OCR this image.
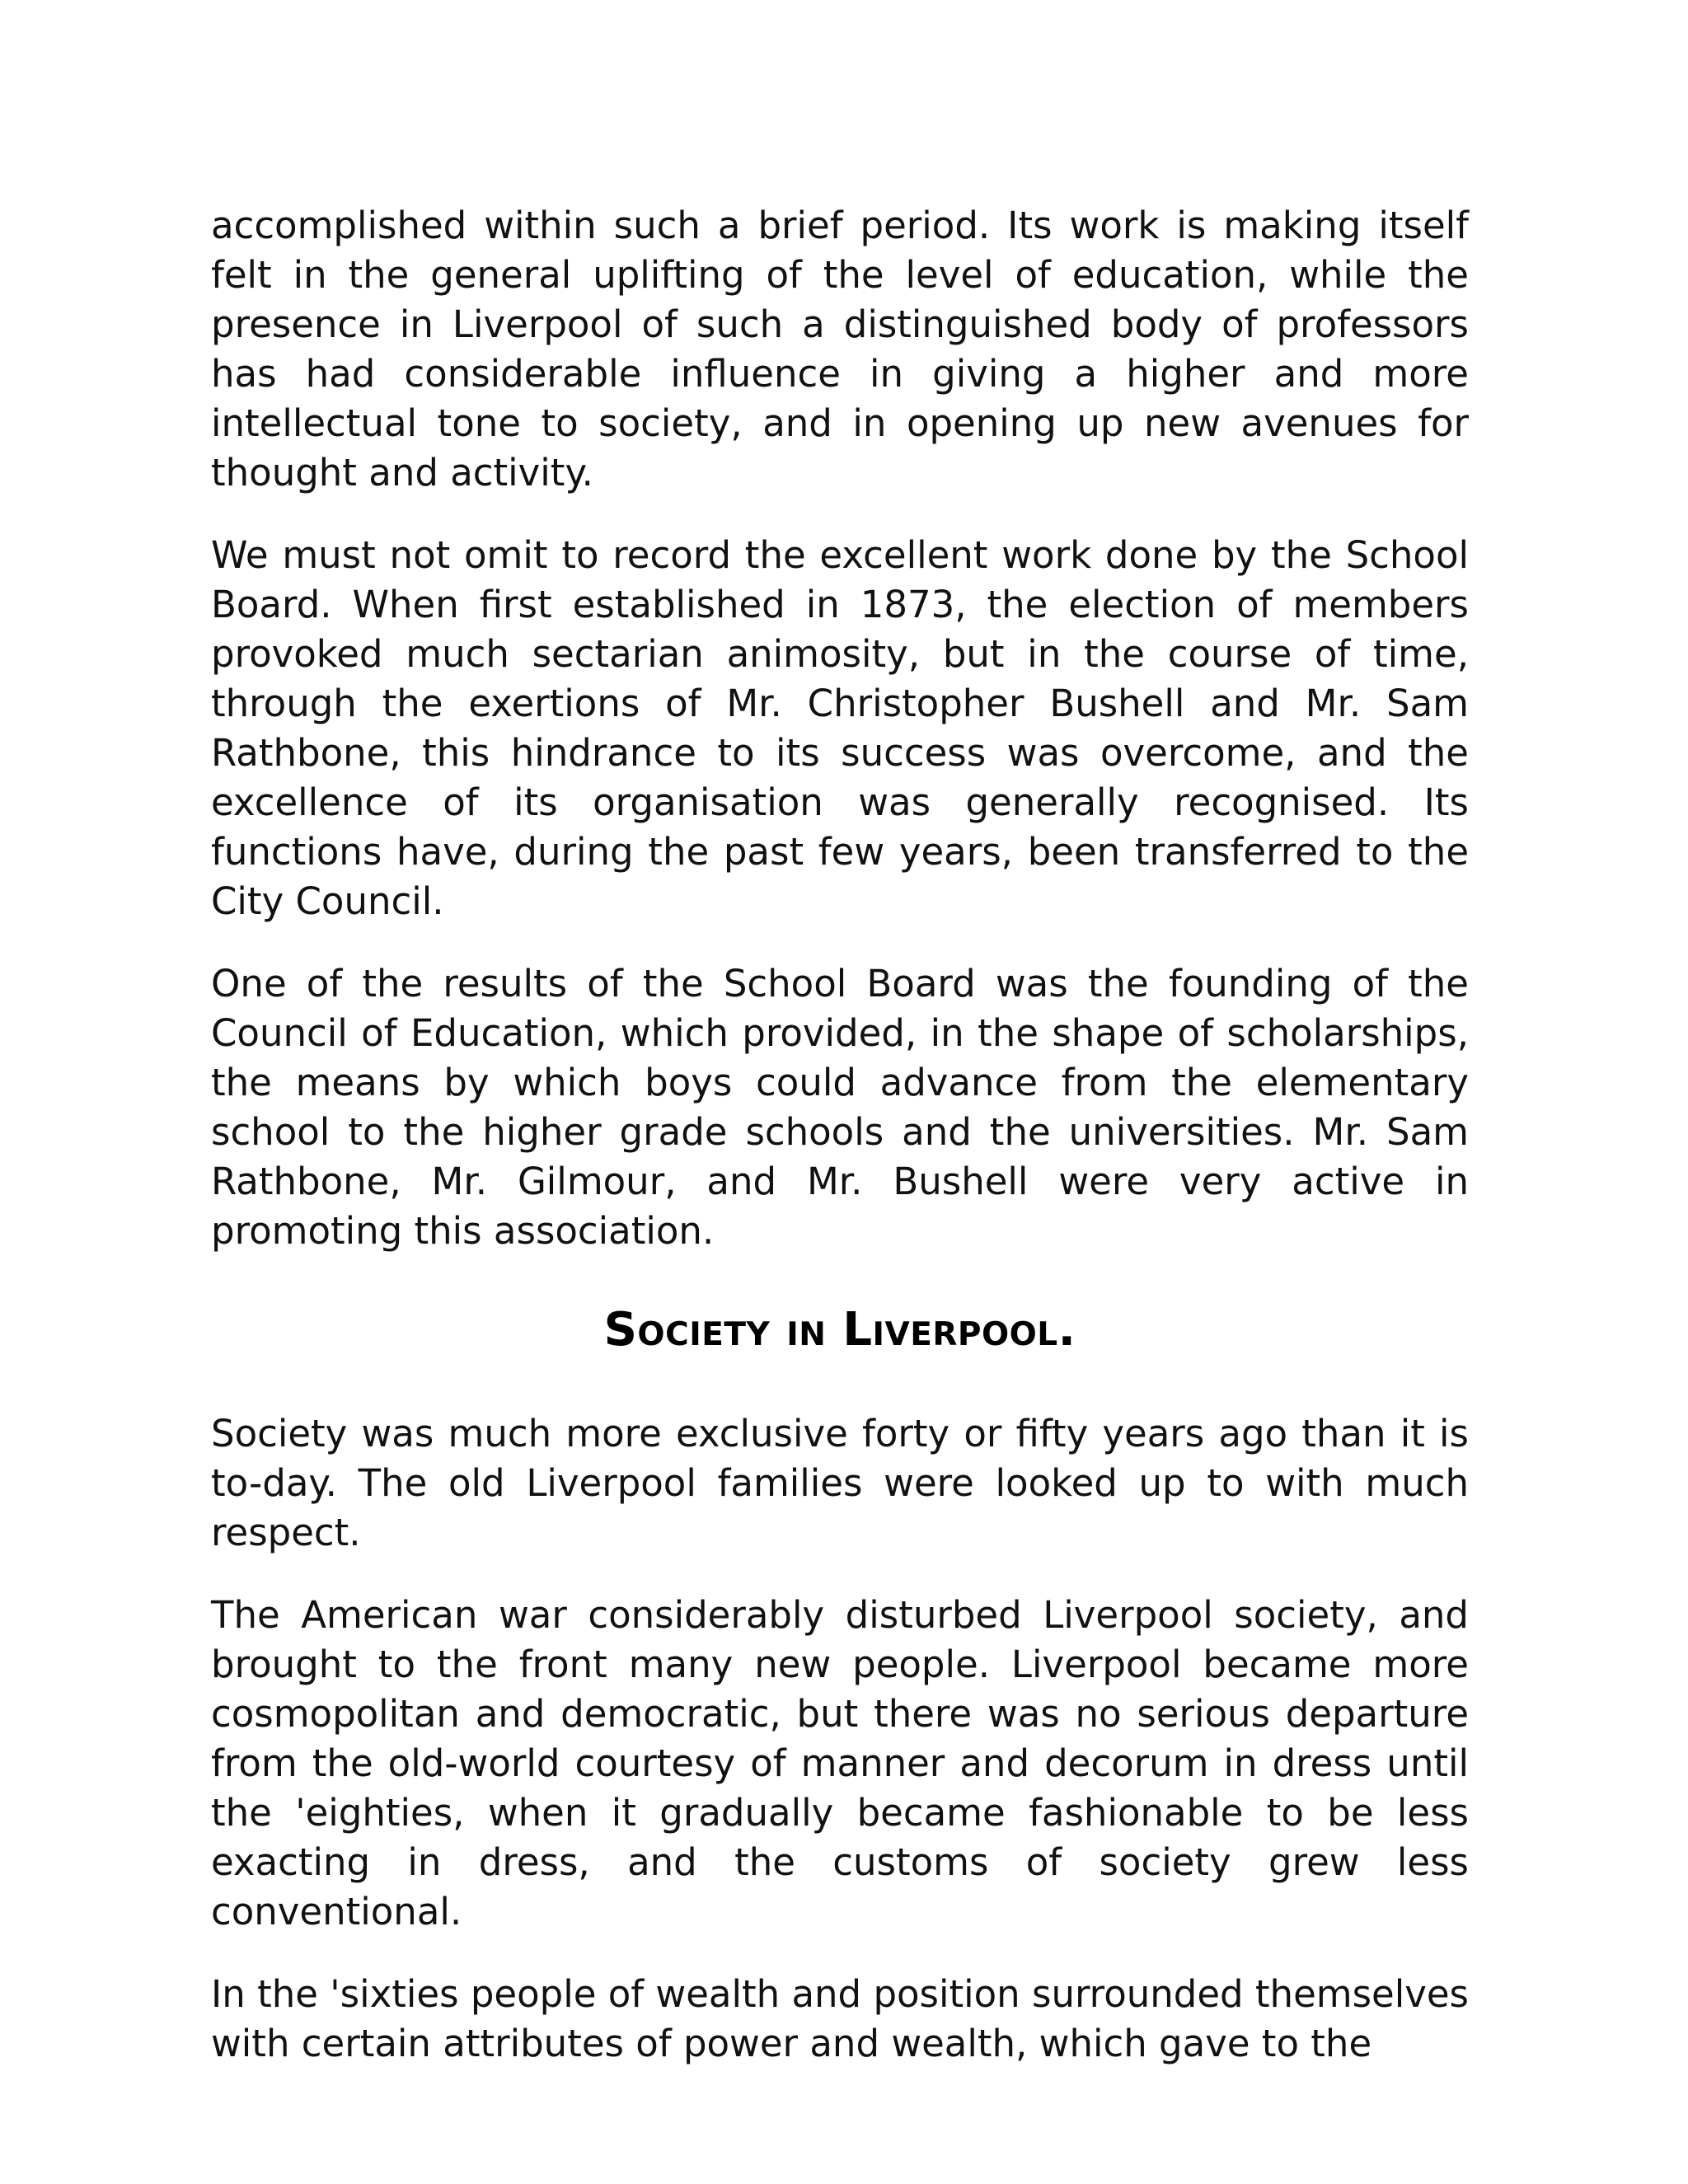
accomplished within such a brief period. Its work is making itself felt in the general uplifting of the level of education, while the presence in Liverpool of such a distinguished body of professors has had considerable influence in giving a higher and more intellectual tone to society, and in opening up new avenues for thought and activity.

We must not omit to record the excellent work done by the School Board. When first established in 1873, the election of members provoked much sectarian animosity, but in the course of time, through the exertions of Mr. Christopher Bushell and Mr. Sam Rathbone, this hindrance to its success was overcome, and the excellence of its organisation was generally recognised. Its functions have, during the past few years, been transferred to the City Council.

One of the results of the School Board was the founding of the Council of Education, which provided, in the shape of scholarships, the means by which boys could advance from the elementary school to the higher grade schools and the universities. Mr. Sam Rathbone, Mr. Gilmour, and Mr. Bushell were very active in promoting this association.

Society in Liverpool.

Society was much more exclusive forty or fifty years ago than it is to-day. The old Liverpool families were looked up to with much respect.

The American war considerably disturbed Liverpool society, and brought to the front many new people. Liverpool became more cosmopolitan and democratic, but there was no serious departure from the old-world courtesy of manner and decorum in dress until the 'eighties, when it gradually became fashionable to be less exacting in dress, and the customs of society grew less conventional.

In the 'sixties people of wealth and position surrounded themselves with certain attributes of power and wealth, which gave to the
